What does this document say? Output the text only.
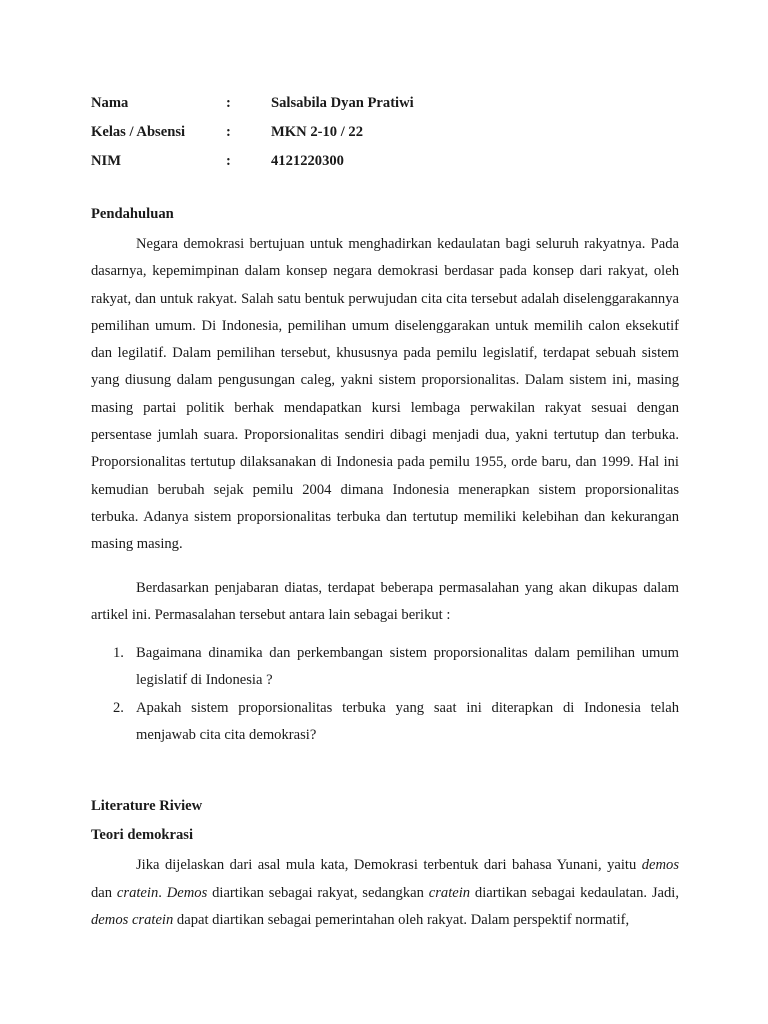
Nama	:	Salsabila Dyan Pratiwi
Kelas / Absensi	:	MKN 2-10 / 22
NIM	:	4121220300

Pendahuluan

Negara demokrasi bertujuan untuk menghadirkan kedaulatan bagi seluruh rakyatnya. Pada dasarnya, kepemimpinan dalam konsep negara demokrasi berdasar pada konsep dari rakyat, oleh rakyat, dan untuk rakyat. Salah satu bentuk perwujudan cita cita tersebut adalah diselenggarakannya pemilihan umum. Di Indonesia, pemilihan umum diselenggarakan untuk memilih calon eksekutif dan legilatif. Dalam pemilihan tersebut, khususnya pada pemilu legislatif, terdapat sebuah sistem yang diusung dalam pengusungan caleg, yakni sistem proporsionalitas. Dalam sistem ini, masing masing partai politik berhak mendapatkan kursi lembaga perwakilan rakyat sesuai dengan persentase jumlah suara. Proporsionalitas sendiri dibagi menjadi dua, yakni tertutup dan terbuka. Proporsionalitas tertutup dilaksanakan di Indonesia pada pemilu 1955, orde baru, dan 1999. Hal ini kemudian berubah sejak pemilu 2004 dimana Indonesia menerapkan sistem proporsionalitas terbuka. Adanya sistem proporsionalitas terbuka dan tertutup memiliki kelebihan dan kekurangan masing masing.

Berdasarkan penjabaran diatas, terdapat beberapa permasalahan yang akan dikupas dalam artikel ini. Permasalahan tersebut antara lain sebagai berikut :

1. Bagaimana dinamika dan perkembangan sistem proporsionalitas dalam pemilihan umum legislatif di Indonesia ?
2. Apakah sistem proporsionalitas terbuka yang saat ini diterapkan di Indonesia telah menjawab cita cita demokrasi?

Literature Riview

Teori demokrasi

Jika dijelaskan dari asal mula kata, Demokrasi terbentuk dari bahasa Yunani, yaitu demos dan cratein. Demos diartikan sebagai rakyat, sedangkan cratein diartikan sebagai kedaulatan. Jadi, demos cratein dapat diartikan sebagai pemerintahan oleh rakyat. Dalam perspektif normatif,
